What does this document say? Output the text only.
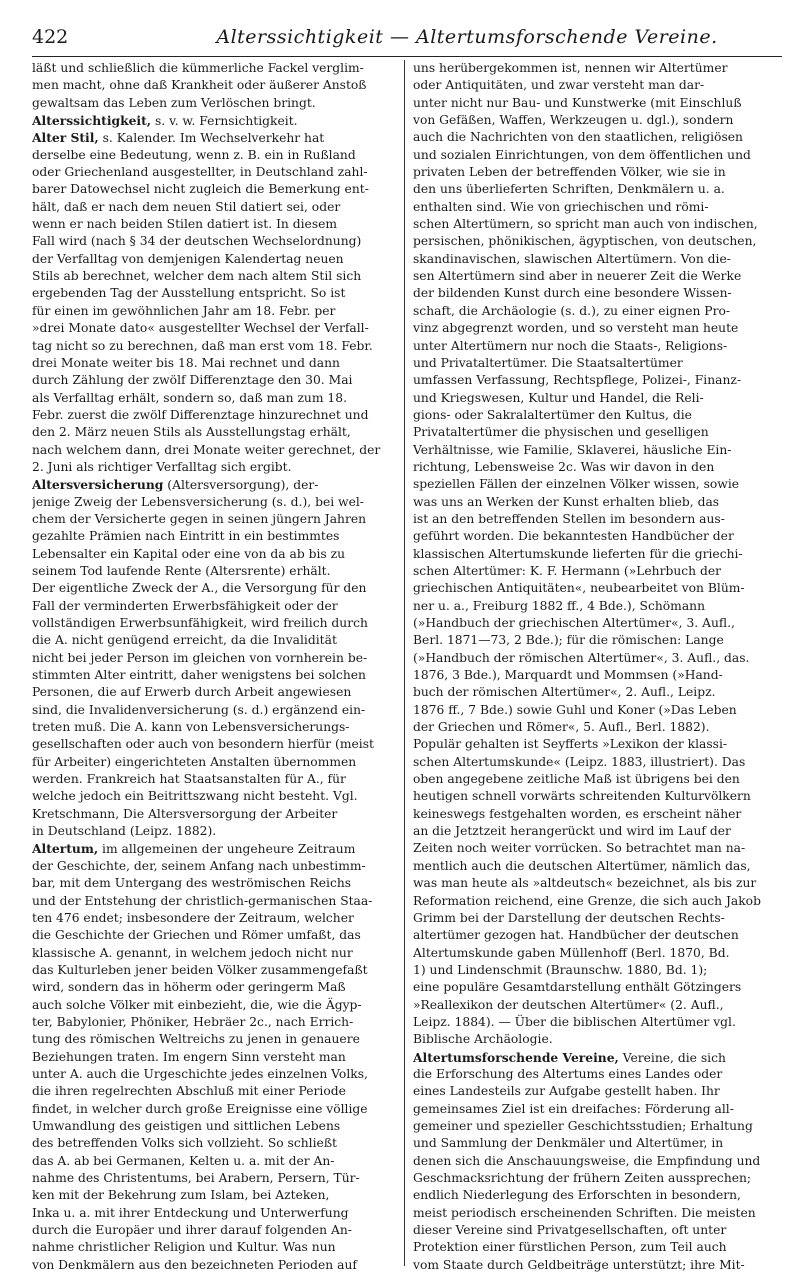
422	Alterssichtigkeit — Altertumsforschende Vereine.
läßt und schließlich die kümmerliche Fackel verglim-
men macht, ohne daß Krankheit oder äußerer Anstoß
gewaltsam das Leben zum Verlöschen bringt.
Alterssichtigkeit, s. v. w. Fernsichtigkeit.
Alter Stil, s. Kalender. Im Wechselverkehr hat
derselbe eine Bedeutung, wenn z. B. ein in Rußland
oder Griechenland ausgestellter, in Deutschland zahl-
barer Datowechsel nicht zugleich die Bemerkung ent-
hält, daß er nach dem neuen Stil datiert sei, oder
wenn er nach beiden Stilen datiert ist. In diesem
Fall wird (nach § 34 der deutschen Wechselordnung)
der Verfalltag von demjenigen Kalendertag neuen
Stils ab berechnet, welcher dem nach altem Stil sich
ergebenden Tag der Ausstellung entspricht. So ist
für einen im gewöhnlichen Jahr am 18. Febr. per
»drei Monate dato« ausgestellter Wechsel der Verfall-
tag nicht so zu berechnen, daß man erst vom 18. Febr.
drei Monate weiter bis 18. Mai rechnet und dann
durch Zählung der zwölf Differenztage den 30. Mai
als Verfalltag erhält, sondern so, daß man zum 18.
Febr. zuerst die zwölf Differenztage hinzurechnet und
den 2. März neuen Stils als Ausstellungstag erhält,
nach welchem dann, drei Monate weiter gerechnet, der
2. Juni als richtiger Verfalltag sich ergibt.
Altersversicherung (Altersversorgung), der-
jenige Zweig der Lebensversicherung (s. d.), bei wel-
chem der Versicherte gegen in seinen jüngern Jahren
gezahlte Prämien nach Eintritt in ein bestimmtes
Lebensalter ein Kapital oder eine von da ab bis zu
seinem Tod laufende Rente (Altersrente) erhält.
Der eigentliche Zweck der A., die Versorgung für den
Fall der verminderten Erwerbsfähigkeit oder der
vollständigen Erwerbsunfähigkeit, wird freilich durch
die A. nicht genügend erreicht, da die Invalidität
nicht bei jeder Person im gleichen von vornherein be-
stimmten Alter eintritt, daher wenigstens bei solchen
Personen, die auf Erwerb durch Arbeit angewiesen
sind, die Invalidenversicherung (s. d.) ergänzend ein-
treten muß. Die A. kann von Lebensversicherungs-
gesellschaften oder auch von besondern hierfür (meist
für Arbeiter) eingerichteten Anstalten übernommen
werden. Frankreich hat Staatsanstalten für A., für
welche jedoch ein Beitrittszwang nicht besteht. Vgl.
Kretschmann, Die Altersversorgung der Arbeiter
in Deutschland (Leipz. 1882).
Altertum, im allgemeinen der ungeheure Zeitraum
der Geschichte, der, seinem Anfang nach unbestimm-
bar, mit dem Untergang des weströmischen Reichs
und der Entstehung der christlich-germanischen Staa-
ten 476 endet; insbesondere der Zeitraum, welcher
die Geschichte der Griechen und Römer umfaßt, das
klassische A. genannt, in welchem jedoch nicht nur
das Kulturleben jener beiden Völker zusammengefaßt
wird, sondern das in höherm oder geringerm Maß
auch solche Völker mit einbezieht, die, wie die Ägyp-
ter, Babylonier, Phöniker, Hebräer 2c., nach Errich-
tung des römischen Weltreichs zu jenen in genauere
Beziehungen traten. Im engern Sinn versteht man
unter A. auch die Urgeschichte jedes einzelnen Volks,
die ihren regelrechten Abschluß mit einer Periode
findet, in welcher durch große Ereignisse eine völlige
Umwandlung des geistigen und sittlichen Lebens
des betreffenden Volks sich vollzieht. So schließt
das A. ab bei Germanen, Kelten u. a. mit der An-
nahme des Christentums, bei Arabern, Persern, Tür-
ken mit der Bekehrung zum Islam, bei Azteken,
Inka u. a. mit ihrer Entdeckung und Unterwerfung
durch die Europäer und ihrer darauf folgenden An-
nahme christlicher Religion und Kultur. Was nun
von Denkmälern aus den bezeichneten Perioden auf
uns herübergekommen ist, nennen wir Altertümer
oder Antiquitäten, und zwar versteht man dar-
unter nicht nur Bau- und Kunstwerke (mit Einschluß
von Gefäßen, Waffen, Werkzeugen u. dgl.), sondern
auch die Nachrichten von den staatlichen, religiösen
und sozialen Einrichtungen, von dem öffentlichen und
privaten Leben der betreffenden Völker, wie sie in
den uns überlieferten Schriften, Denkmälern u. a.
enthalten sind. Wie von griechischen und römi-
schen Altertümern, so spricht man auch von indischen,
persischen, phönikischen, ägyptischen, von deutschen,
skandinavischen, slawischen Altertümern. Von die-
sen Altertümern sind aber in neuerer Zeit die Werke
der bildenden Kunst durch eine besondere Wissen-
schaft, die Archäologie (s. d.), zu einer eignen Pro-
vinz abgegrenzt worden, und so versteht man heute
unter Altertümern nur noch die Staats-, Religions-
und Privataltertümer. Die Staatsaltertümer
umfassen Verfassung, Rechtspflege, Polizei-, Finanz-
und Kriegswesen, Kultur und Handel, die Reli-
gions- oder Sakralaltertümer den Kultus, die
Privataltertümer die physischen und geselligen
Verhältnisse, wie Familie, Sklaverei, häusliche Ein-
richtung, Lebensweise 2c. Was wir davon in den
speziellen Fällen der einzelnen Völker wissen, sowie
was uns an Werken der Kunst erhalten blieb, das
ist an den betreffenden Stellen im besondern aus-
geführt worden. Die bekanntesten Handbücher der
klassischen Altertumskunde lieferten für die griechi-
schen Altertümer: K. F. Hermann (»Lehrbuch der
griechischen Antiquitäten«, neubearbeitet von Blüm-
ner u. a., Freiburg 1882 ff., 4 Bde.), Schömann
(»Handbuch der griechischen Altertümer«, 3. Aufl.,
Berl. 1871—73, 2 Bde.); für die römischen: Lange
(»Handbuch der römischen Altertümer«, 3. Aufl., das.
1876, 3 Bde.), Marquardt und Mommsen (»Hand-
buch der römischen Altertümer«, 2. Aufl., Leipz.
1876 ff., 7 Bde.) sowie Guhl und Koner (»Das Leben
der Griechen und Römer«, 5. Aufl., Berl. 1882).
Populär gehalten ist Seyfferts »Lexikon der klassi-
schen Altertumskunde« (Leipz. 1883, illustriert). Das
oben angegebene zeitliche Maß ist übrigens bei den
heutigen schnell vorwärts schreitenden Kulturvölkern
keineswegs festgehalten worden, es erscheint näher
an die Jetztzeit herangerückt und wird im Lauf der
Zeiten noch weiter vorrücken. So betrachtet man na-
mentlich auch die deutschen Altertümer, nämlich das,
was man heute als »altdeutsch« bezeichnet, als bis zur
Reformation reichend, eine Grenze, die sich auch Jakob
Grimm bei der Darstellung der deutschen Rechts-
altertümer gezogen hat. Handbücher der deutschen
Altertumskunde gaben Müllenhoff (Berl. 1870, Bd.
1) und Lindenschmit (Braunschw. 1880, Bd. 1);
eine populäre Gesamtdarstellung enthält Götzingers
»Reallexikon der deutschen Altertümer« (2. Aufl.,
Leipz. 1884). — Über die biblischen Altertümer vgl.
Biblische Archäologie.
Altertumsforschende Vereine, Vereine, die sich
die Erforschung des Altertums eines Landes oder
eines Landesteils zur Aufgabe gestellt haben. Ihr
gemeinsames Ziel ist ein dreifaches: Förderung all-
gemeiner und spezieller Geschichtsstudien; Erhaltung
und Sammlung der Denkmäler und Altertümer, in
denen sich die Anschauungsweise, die Empfindung und
Geschmacksrichtung der frühern Zeiten aussprechen;
endlich Niederlegung des Erforschten in besondern,
meist periodisch erscheinenden Schriften. Die meisten
dieser Vereine sind Privatgesellschaften, oft unter
Protektion einer fürstlichen Person, zum Teil auch
vom Staate durch Geldbeiträge unterstützt; ihre Mit-
